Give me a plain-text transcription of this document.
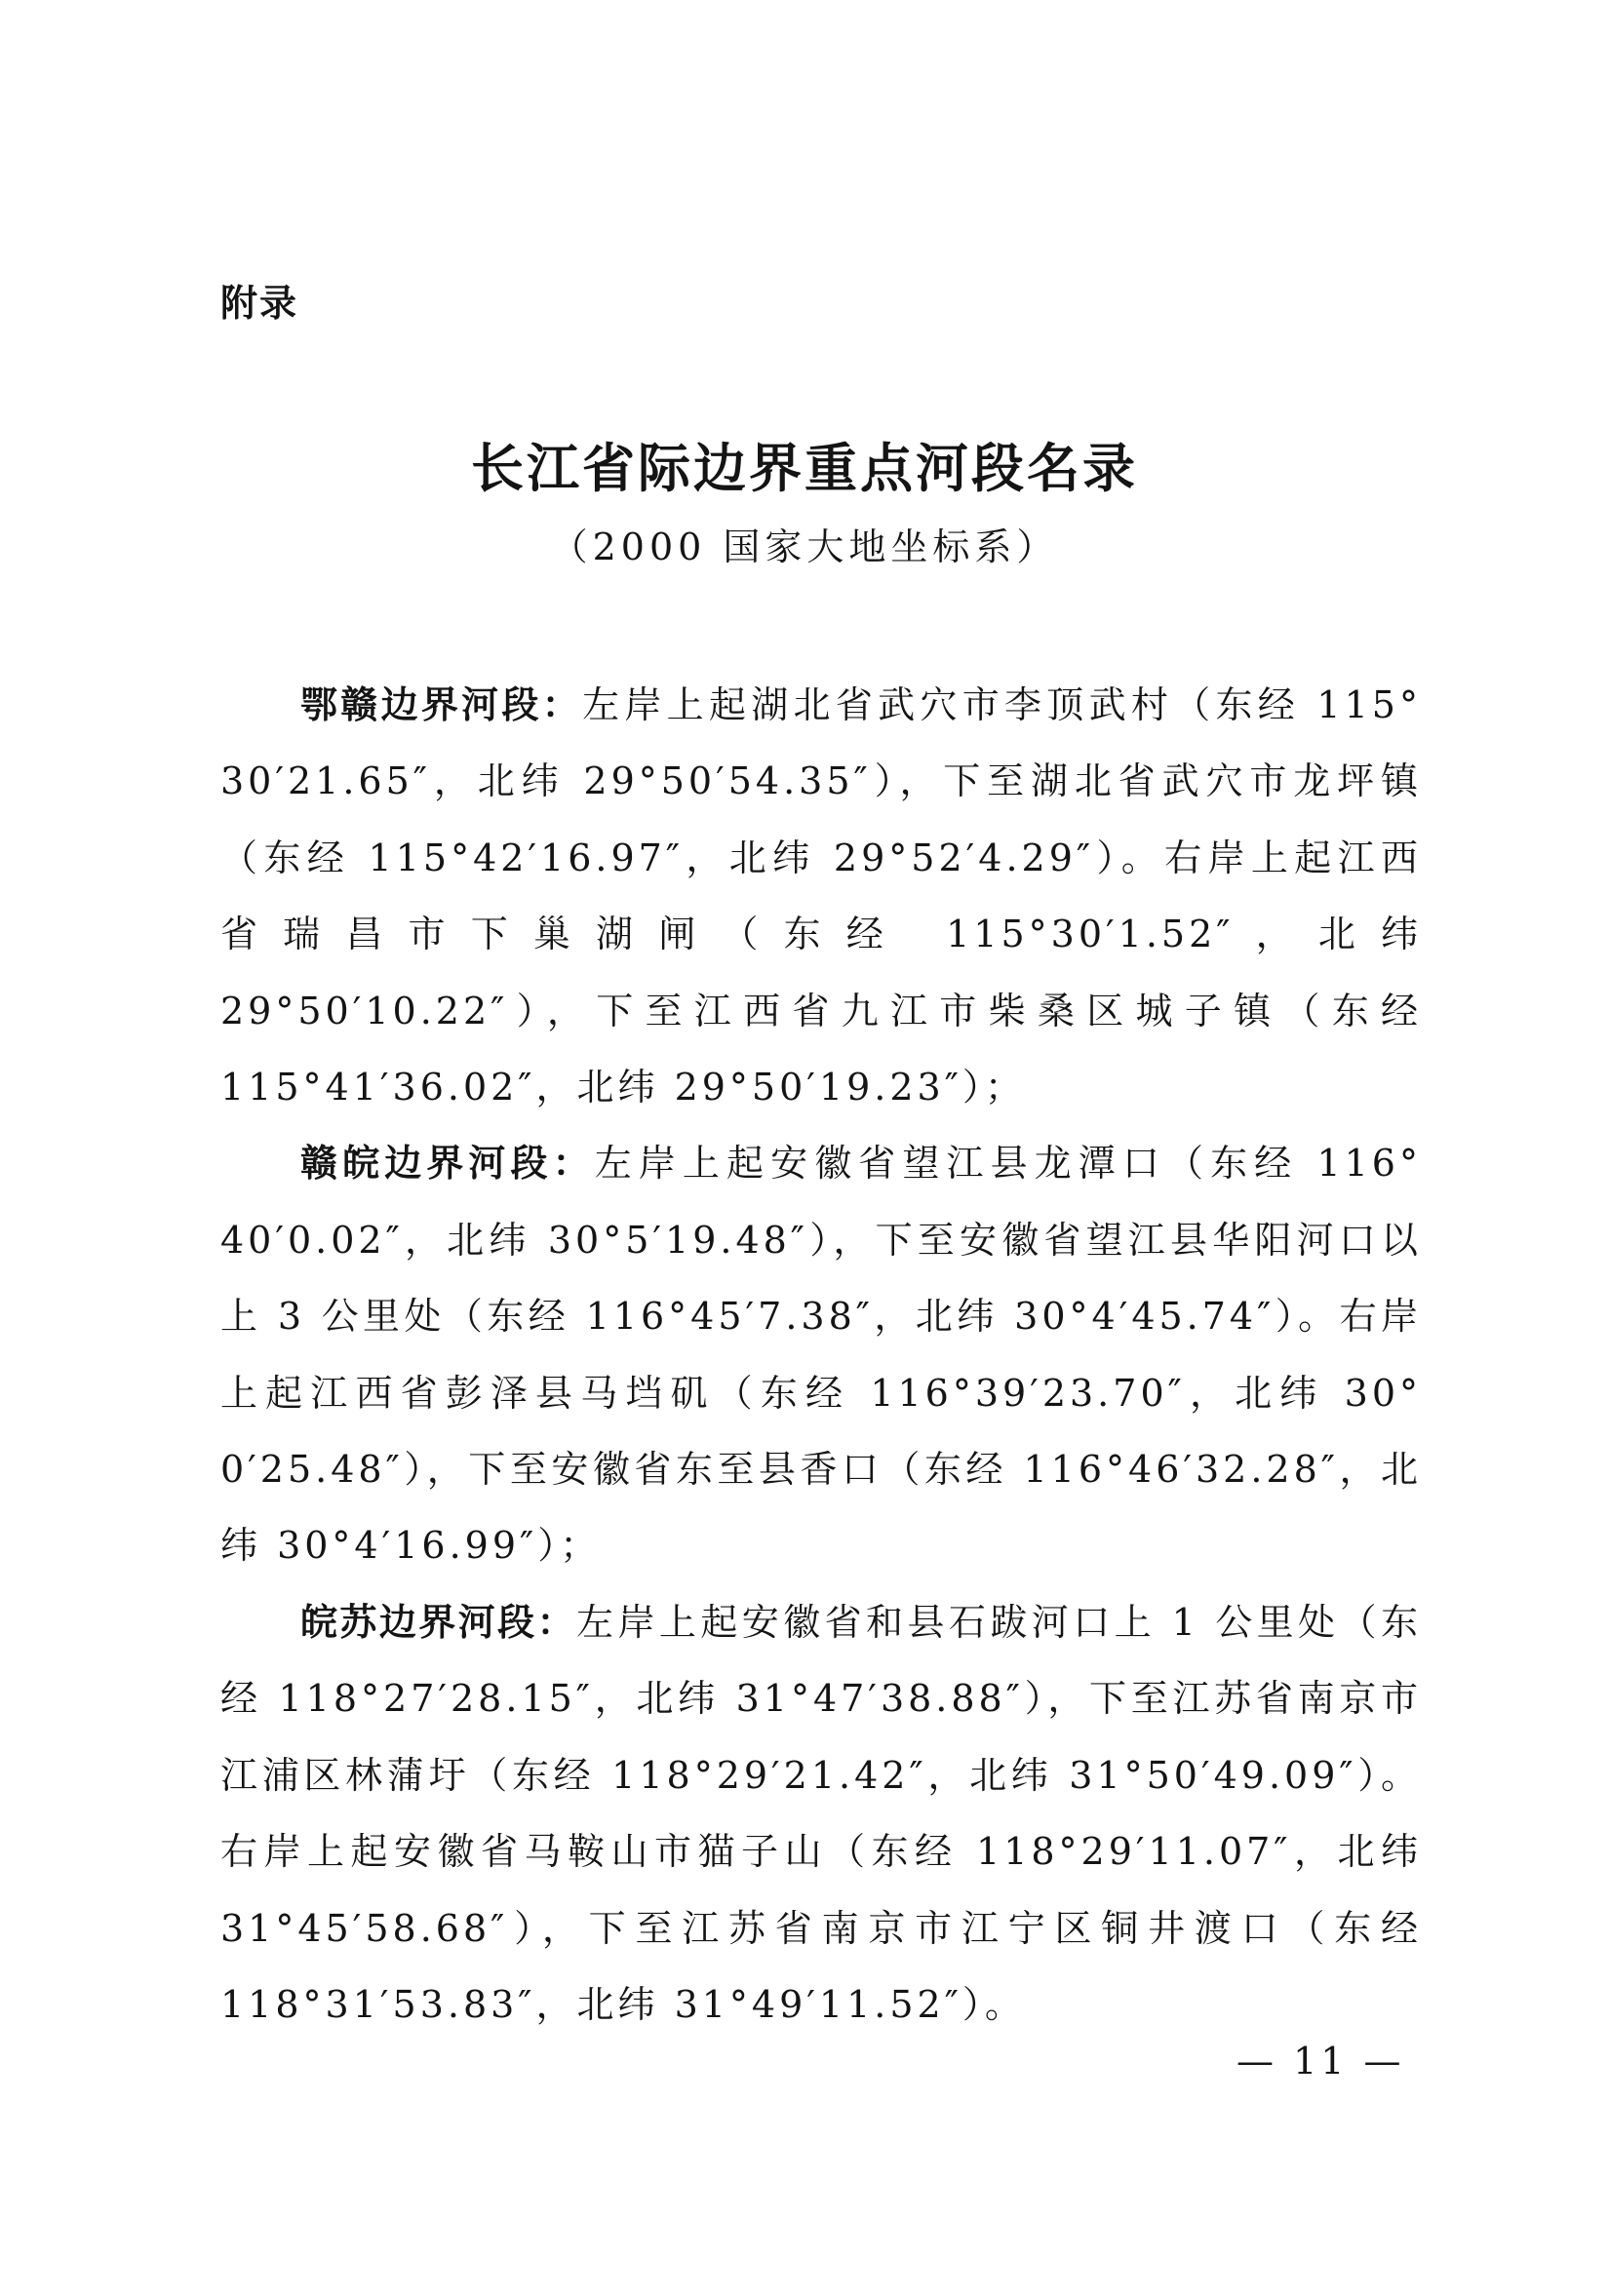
附录
长江省际边界重点河段名录
（2000 国家大地坐标系）

鄂赣边界河段：左岸上起湖北省武穴市李顶武村（东经 115° 30′21.65″，北纬 29°50′54.35″），下至湖北省武穴市龙坪镇（东经 115°42′16.97″，北纬 29°52′4.29″）。右岸上起江西省瑞昌市下巢湖闸（东经 115°30′1.52″，北纬 29°50′10.22″），下至江西省九江市柴桑区城子镇（东经 115°41′36.02″，北纬 29°50′19.23″）；

赣皖边界河段：左岸上起安徽省望江县龙潭口（东经 116° 40′0.02″，北纬 30°5′19.48″），下至安徽省望江县华阳河口以上 3 公里处（东经 116°45′7.38″，北纬 30°4′45.74″）。右岸上起江西省彭泽县马垱矶（东经 116°39′23.70″，北纬 30° 0′25.48″），下至安徽省东至县香口（东经 116°46′32.28″，北纬 30°4′16.99″）；

皖苏边界河段：左岸上起安徽省和县石跋河口上 1 公里处（东经 118°27′28.15″，北纬 31°47′38.88″），下至江苏省南京市江浦区林蒲圩（东经 118°29′21.42″，北纬 31°50′49.09″）。右岸上起安徽省马鞍山市猫子山（东经 118°29′11.07″，北纬 31°45′58.68″），下至江苏省南京市江宁区铜井渡口（东经 118°31′53.83″，北纬 31°49′11.52″）。

— 11 —
